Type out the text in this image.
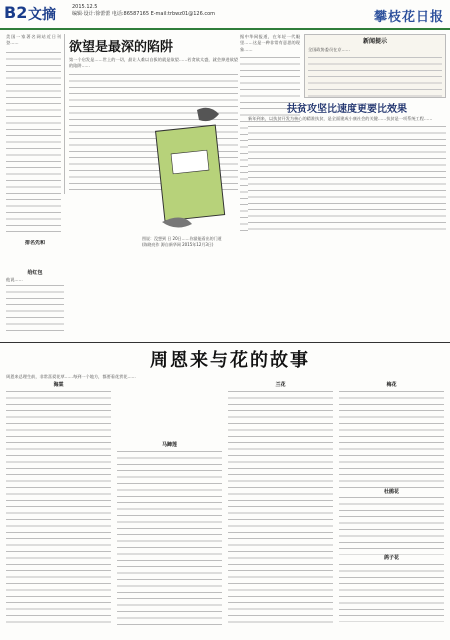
B2 文摘	2015.12.5
编辑·设计:徐蕾蕾 电话:86587165 E-mail:trbwz01@126.com	攀枝花日报
美国一家著名网站近日刊登……	欲望是最深的陷阱
第一个启发是……世上的一切，最让人难以自拔的就是欲望……若贪欲太盛，就会掉进欲望的陷阱……
据中华网报道，在年轻一代眼里……这是一种非常有意思的现象……
新闻提示
全国政协委员在京……
扶贫攻坚比速度更要比效果
新年到来，以扶贫开发为核心的精准扶贫，是全面建成小康社会的关键……扶贫是一项系统工程……
图说：没想到 日 20日……你最能看出的门道
(陈晓亮作 源自新华网 2015年12月3日)
排名先和
给红包
他说……
周恩来与花的故事
周恩来总理生前，非常喜爱花草……每到一个地方，都要看花赏花……
海棠
马蹄莲
兰花	梅花
杜鹃花
鸽子花
